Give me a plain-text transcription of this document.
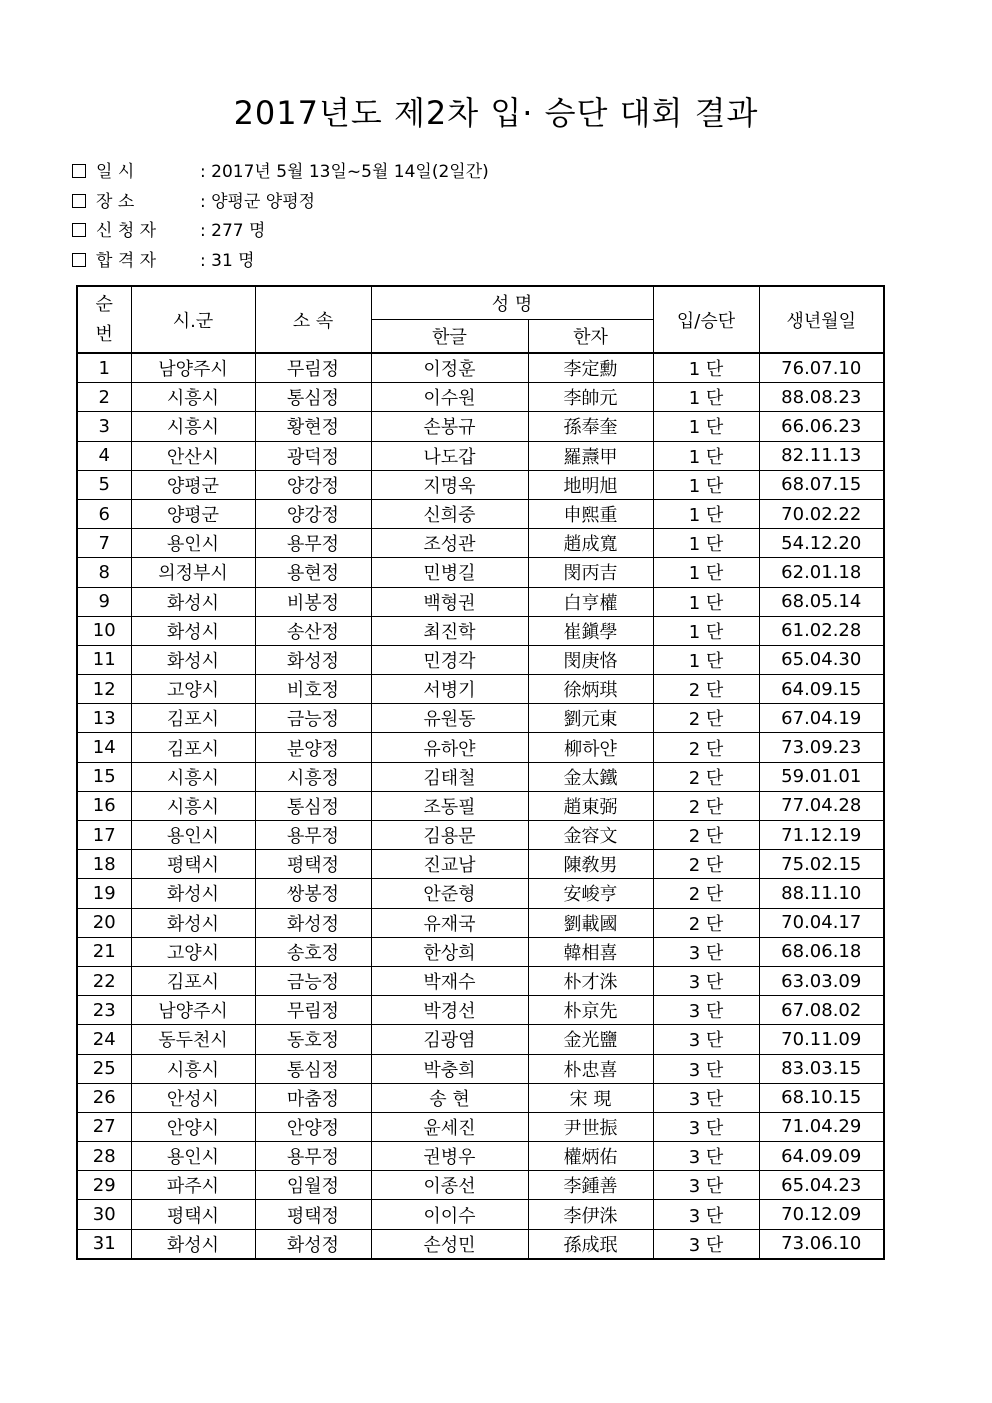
2017년도 제2차 입· 승단 대회 결과
일 시	: 2017년 5월 13일~5월 14일(2일간)
장 소	: 양평군 양평정
신 청 자	: 277 명
합 격 자	: 31 명
순
번	시.군	소 속	성 명		입/승단	생년월일
			한글	한자		
1	남양주시	무림정	이정훈	李定勳	1 단	76.07.10
2	시흥시	통심정	이수원	李帥元	1 단	88.08.23
3	시흥시	황현정	손봉규	孫奉奎	1 단	66.06.23
4	안산시	광덕정	나도갑	羅燾甲	1 단	82.11.13
5	양평군	양강정	지명욱	地明旭	1 단	68.07.15
6	양평군	양강정	신희중	申熙重	1 단	70.02.22
7	용인시	용무정	조성관	趙成寬	1 단	54.12.20
8	의정부시	용현정	민병길	閔丙吉	1 단	62.01.18
9	화성시	비봉정	백형권	白亨權	1 단	68.05.14
10	화성시	송산정	최진학	崔鎭學	1 단	61.02.28
11	화성시	화성정	민경각	閔庚恪	1 단	65.04.30
12	고양시	비호정	서병기	徐炳琪	2 단	64.09.15
13	김포시	금능정	유원동	劉元東	2 단	67.04.19
14	김포시	분양정	유하얀	柳하얀	2 단	73.09.23
15	시흥시	시흥정	김태철	金太鐵	2 단	59.01.01
16	시흥시	통심정	조동필	趙東弼	2 단	77.04.28
17	용인시	용무정	김용문	金容文	2 단	71.12.19
18	평택시	평택정	진교남	陳敎男	2 단	75.02.15
19	화성시	쌍봉정	안준형	安峻亨	2 단	88.11.10
20	화성시	화성정	유재국	劉載國	2 단	70.04.17
21	고양시	송호정	한상희	韓相喜	3 단	68.06.18
22	김포시	금능정	박재수	朴才洙	3 단	63.03.09
23	남양주시	무림정	박경선	朴京先	3 단	67.08.02
24	동두천시	동호정	김광염	金光鹽	3 단	70.11.09
25	시흥시	통심정	박충희	朴忠喜	3 단	83.03.15
26	안성시	마춤정	송 현	宋 現	3 단	68.10.15
27	안양시	안양정	윤세진	尹世振	3 단	71.04.29
28	용인시	용무정	권병우	權炳佑	3 단	64.09.09
29	파주시	임월정	이종선	李鍾善	3 단	65.04.23
30	평택시	평택정	이이수	李伊洙	3 단	70.12.09
31	화성시	화성정	손성민	孫成珉	3 단	73.06.10
